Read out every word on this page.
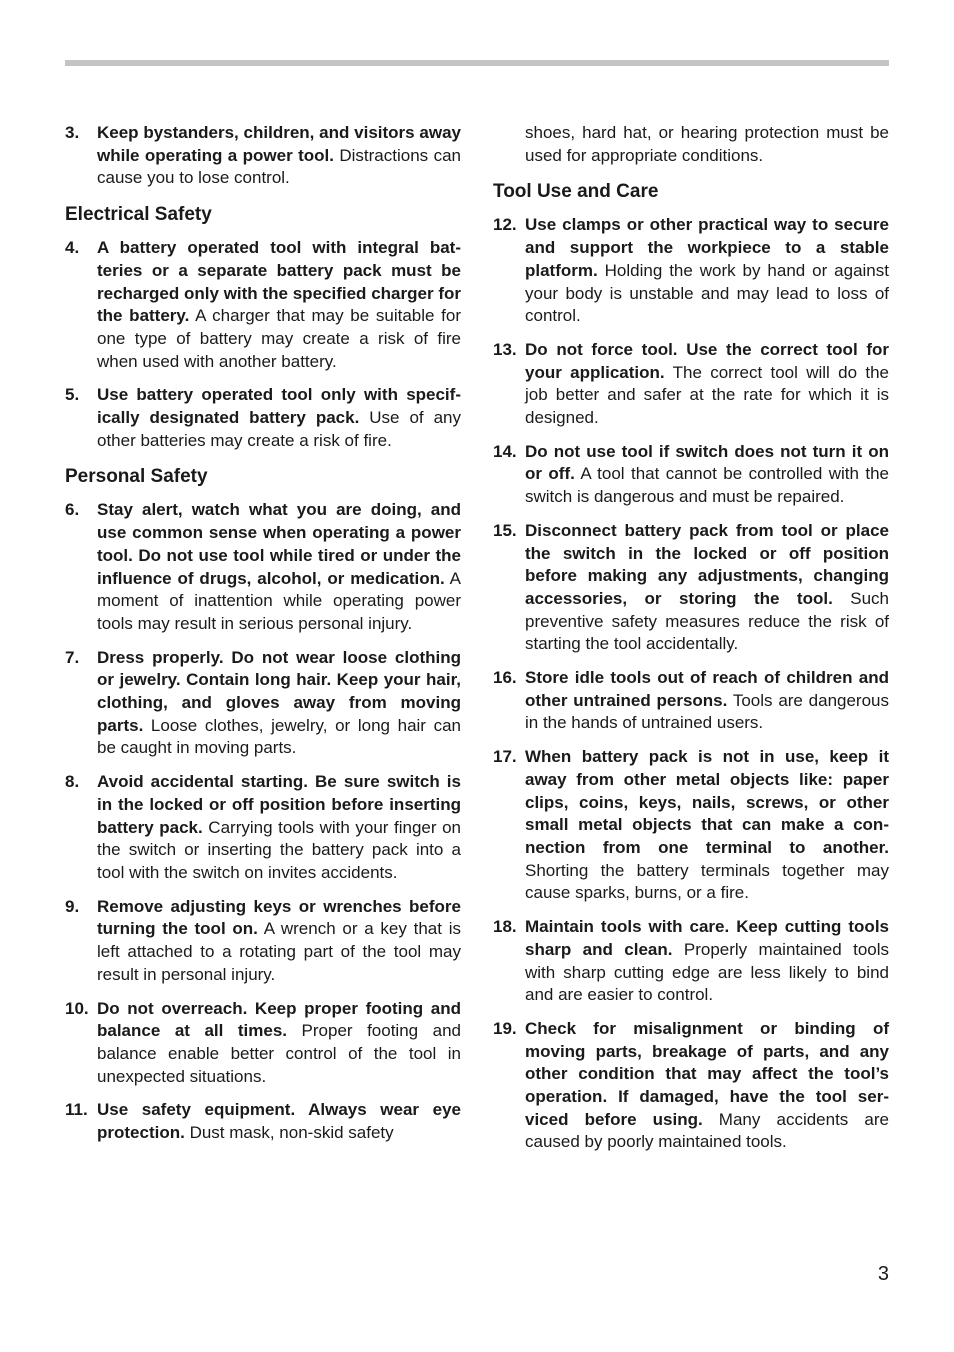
3. Keep bystanders, children, and visitors away while operating a power tool. Distractions can cause you to lose control.
Electrical Safety
4. A battery operated tool with integral batteries or a separate battery pack must be recharged only with the specified charger for the battery. A charger that may be suitable for one type of battery may create a risk of fire when used with another battery.
5. Use battery operated tool only with specifically designated battery pack. Use of any other batteries may create a risk of fire.
Personal Safety
6. Stay alert, watch what you are doing, and use common sense when operating a power tool. Do not use tool while tired or under the influence of drugs, alcohol, or medication. A moment of inattention while operating power tools may result in serious personal injury.
7. Dress properly. Do not wear loose clothing or jewelry. Contain long hair. Keep your hair, clothing, and gloves away from moving parts. Loose clothes, jewelry, or long hair can be caught in moving parts.
8. Avoid accidental starting. Be sure switch is in the locked or off position before inserting battery pack. Carrying tools with your finger on the switch or inserting the battery pack into a tool with the switch on invites accidents.
9. Remove adjusting keys or wrenches before turning the tool on. A wrench or a key that is left attached to a rotating part of the tool may result in personal injury.
10. Do not overreach. Keep proper footing and balance at all times. Proper footing and balance enable better control of the tool in unexpected situations.
11. Use safety equipment. Always wear eye protection. Dust mask, non-skid safety
shoes, hard hat, or hearing protection must be used for appropriate conditions.
Tool Use and Care
12. Use clamps or other practical way to secure and support the workpiece to a stable platform. Holding the work by hand or against your body is unstable and may lead to loss of control.
13. Do not force tool. Use the correct tool for your application. The correct tool will do the job better and safer at the rate for which it is designed.
14. Do not use tool if switch does not turn it on or off. A tool that cannot be controlled with the switch is dangerous and must be repaired.
15. Disconnect battery pack from tool or place the switch in the locked or off position before making any adjustments, changing accessories, or storing the tool. Such preventive safety measures reduce the risk of starting the tool accidentally.
16. Store idle tools out of reach of children and other untrained persons. Tools are dangerous in the hands of untrained users.
17. When battery pack is not in use, keep it away from other metal objects like: paper clips, coins, keys, nails, screws, or other small metal objects that can make a connection from one terminal to another. Shorting the battery terminals together may cause sparks, burns, or a fire.
18. Maintain tools with care. Keep cutting tools sharp and clean. Properly maintained tools with sharp cutting edge are less likely to bind and are easier to control.
19. Check for misalignment or binding of moving parts, breakage of parts, and any other condition that may affect the tool’s operation. If damaged, have the tool serviced before using. Many accidents are caused by poorly maintained tools.
3
